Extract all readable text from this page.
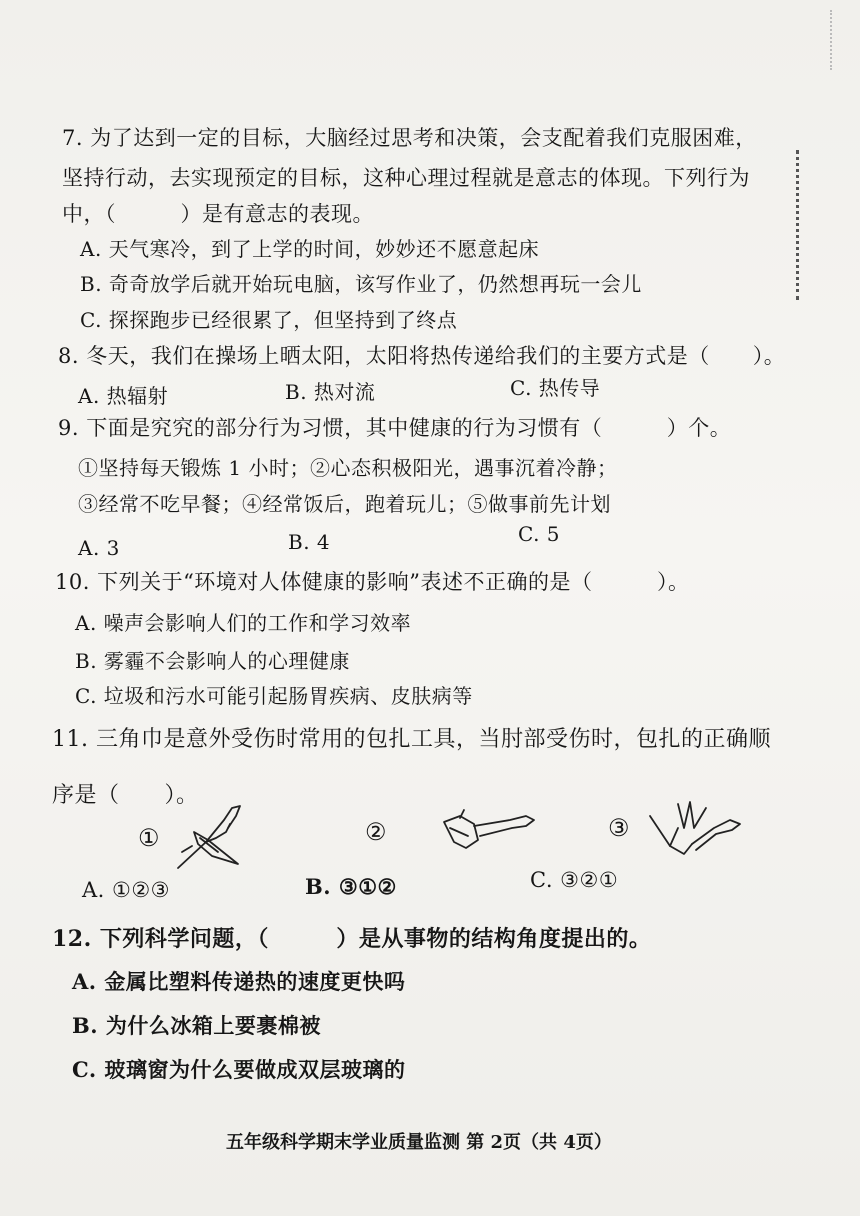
7. 为了达到一定的目标，大脑经过思考和决策，会支配着我们克服困难，
坚持行动，去实现预定的目标，这种心理过程就是意志的体现。下列行为
中，（　　　）是有意志的表现。
A. 天气寒冷，到了上学的时间，妙妙还不愿意起床
B. 奇奇放学后就开始玩电脑，该写作业了，仍然想再玩一会儿
C. 探探跑步已经很累了，但坚持到了终点
8. 冬天，我们在操场上晒太阳，太阳将热传递给我们的主要方式是（　　）。
A. 热辐射	B. 热对流	C. 热传导
9. 下面是究究的部分行为习惯，其中健康的行为习惯有（　　　）个。
①坚持每天锻炼 1 小时；②心态积极阳光，遇事沉着冷静；
③经常不吃早餐；④经常饭后，跑着玩儿；⑤做事前先计划
A. 3	B. 4	C. 5
10. 下列关于“环境对人体健康的影响”表述不正确的是（　　　）。
A. 噪声会影响人们的工作和学习效率
B. 雾霾不会影响人的心理健康
C. 垃圾和污水可能引起肠胃疾病、皮肤病等
11. 三角巾是意外受伤时常用的包扎工具，当肘部受伤时，包扎的正确顺
序是（　　）。
①	②	③
A. ①②③	B. ③①②	C. ③②①
12. 下列科学问题，（　　　）是从事物的结构角度提出的。
A. 金属比塑料传递热的速度更快吗
B. 为什么冰箱上要裹棉被
C. 玻璃窗为什么要做成双层玻璃的
五年级科学期末学业质量监测 第 2页（共 4页）
